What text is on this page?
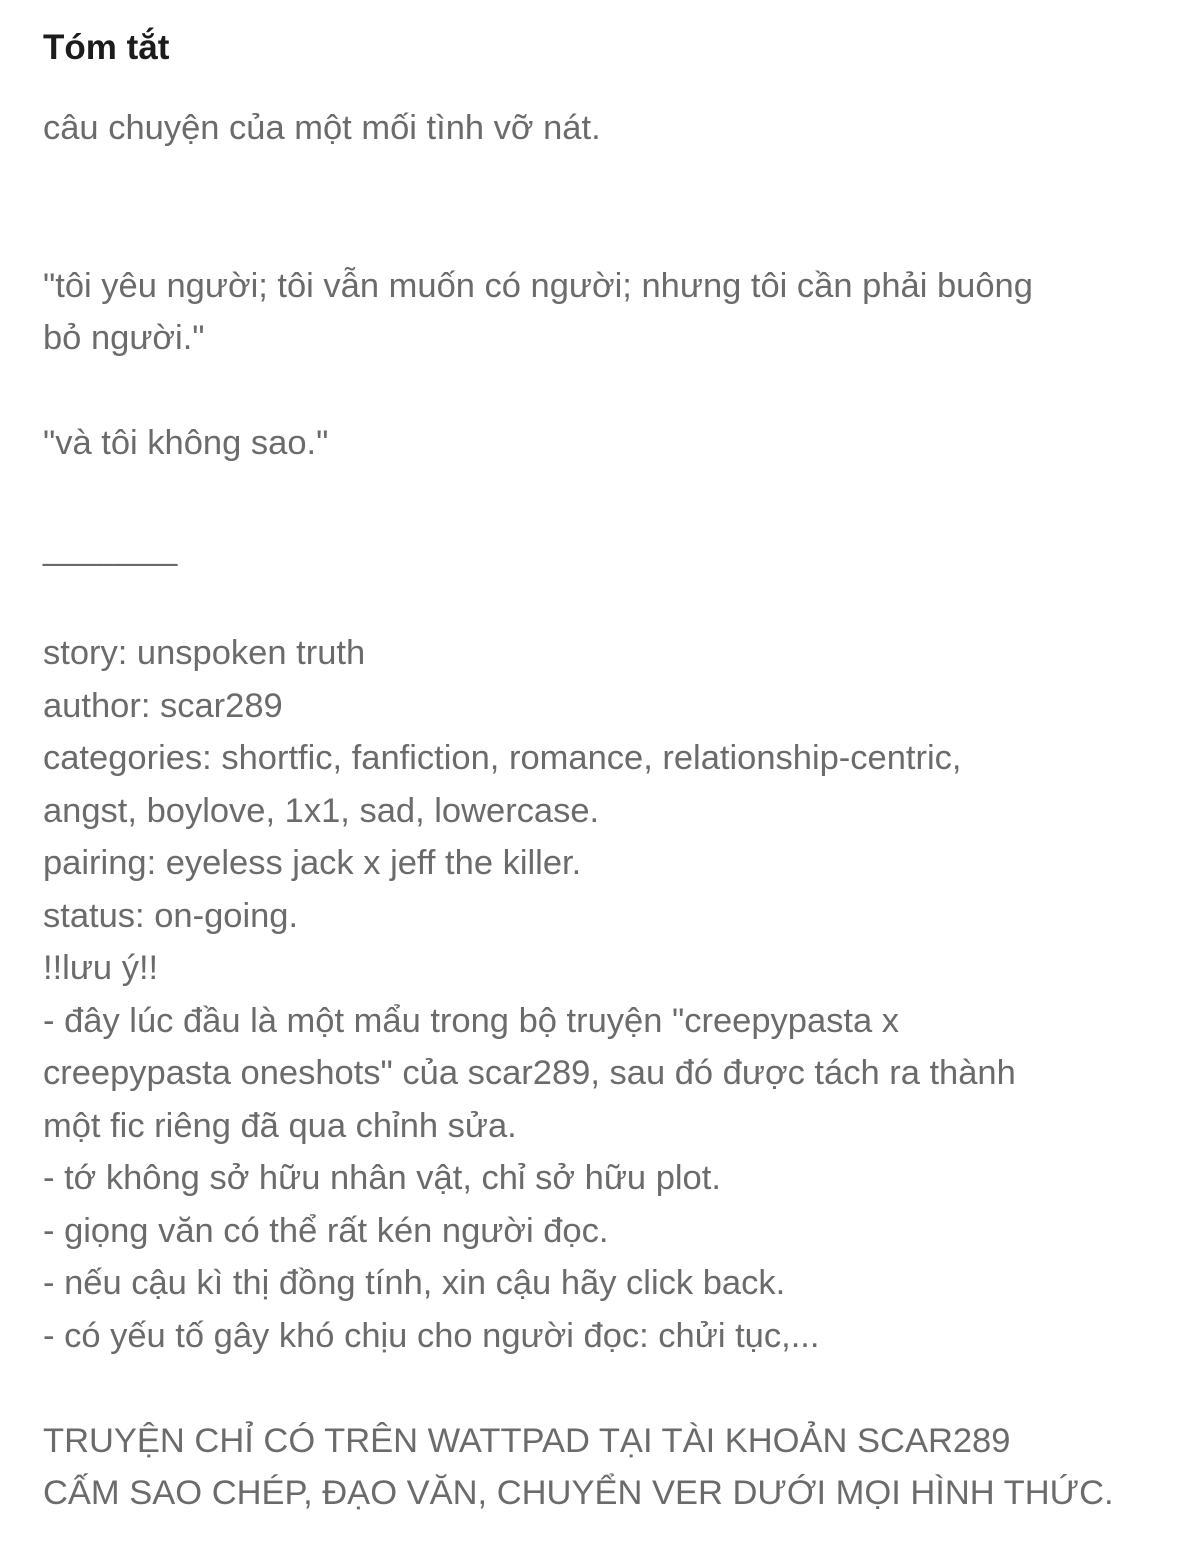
Tóm tắt
câu chuyện của một mối tình vỡ nát.
"tôi yêu người; tôi vẫn muốn có người; nhưng tôi cần phải buông
bỏ người."
"và tôi không sao."
_______
story: unspoken truth
author: scar289
categories: shortfic, fanfiction, romance, relationship-centric,
angst, boylove, 1x1, sad, lowercase.
pairing: eyeless jack x jeff the killer.
status: on-going.
!!lưu ý!!
- đây lúc đầu là một mẩu trong bộ truyện "creepypasta x
creepypasta oneshots" của scar289, sau đó được tách ra thành
một fic riêng đã qua chỉnh sửa.
- tớ không sở hữu nhân vật, chỉ sở hữu plot.
- giọng văn có thể rất kén người đọc.
- nếu cậu kì thị đồng tính, xin cậu hãy click back.
- có yếu tố gây khó chịu cho người đọc: chửi tục,...
TRUYỆN CHỈ CÓ TRÊN WATTPAD TẠI TÀI KHOẢN SCAR289
CẤM SAO CHÉP, ĐẠO VĂN, CHUYỂN VER DƯỚI MỌI HÌNH THỨC.
